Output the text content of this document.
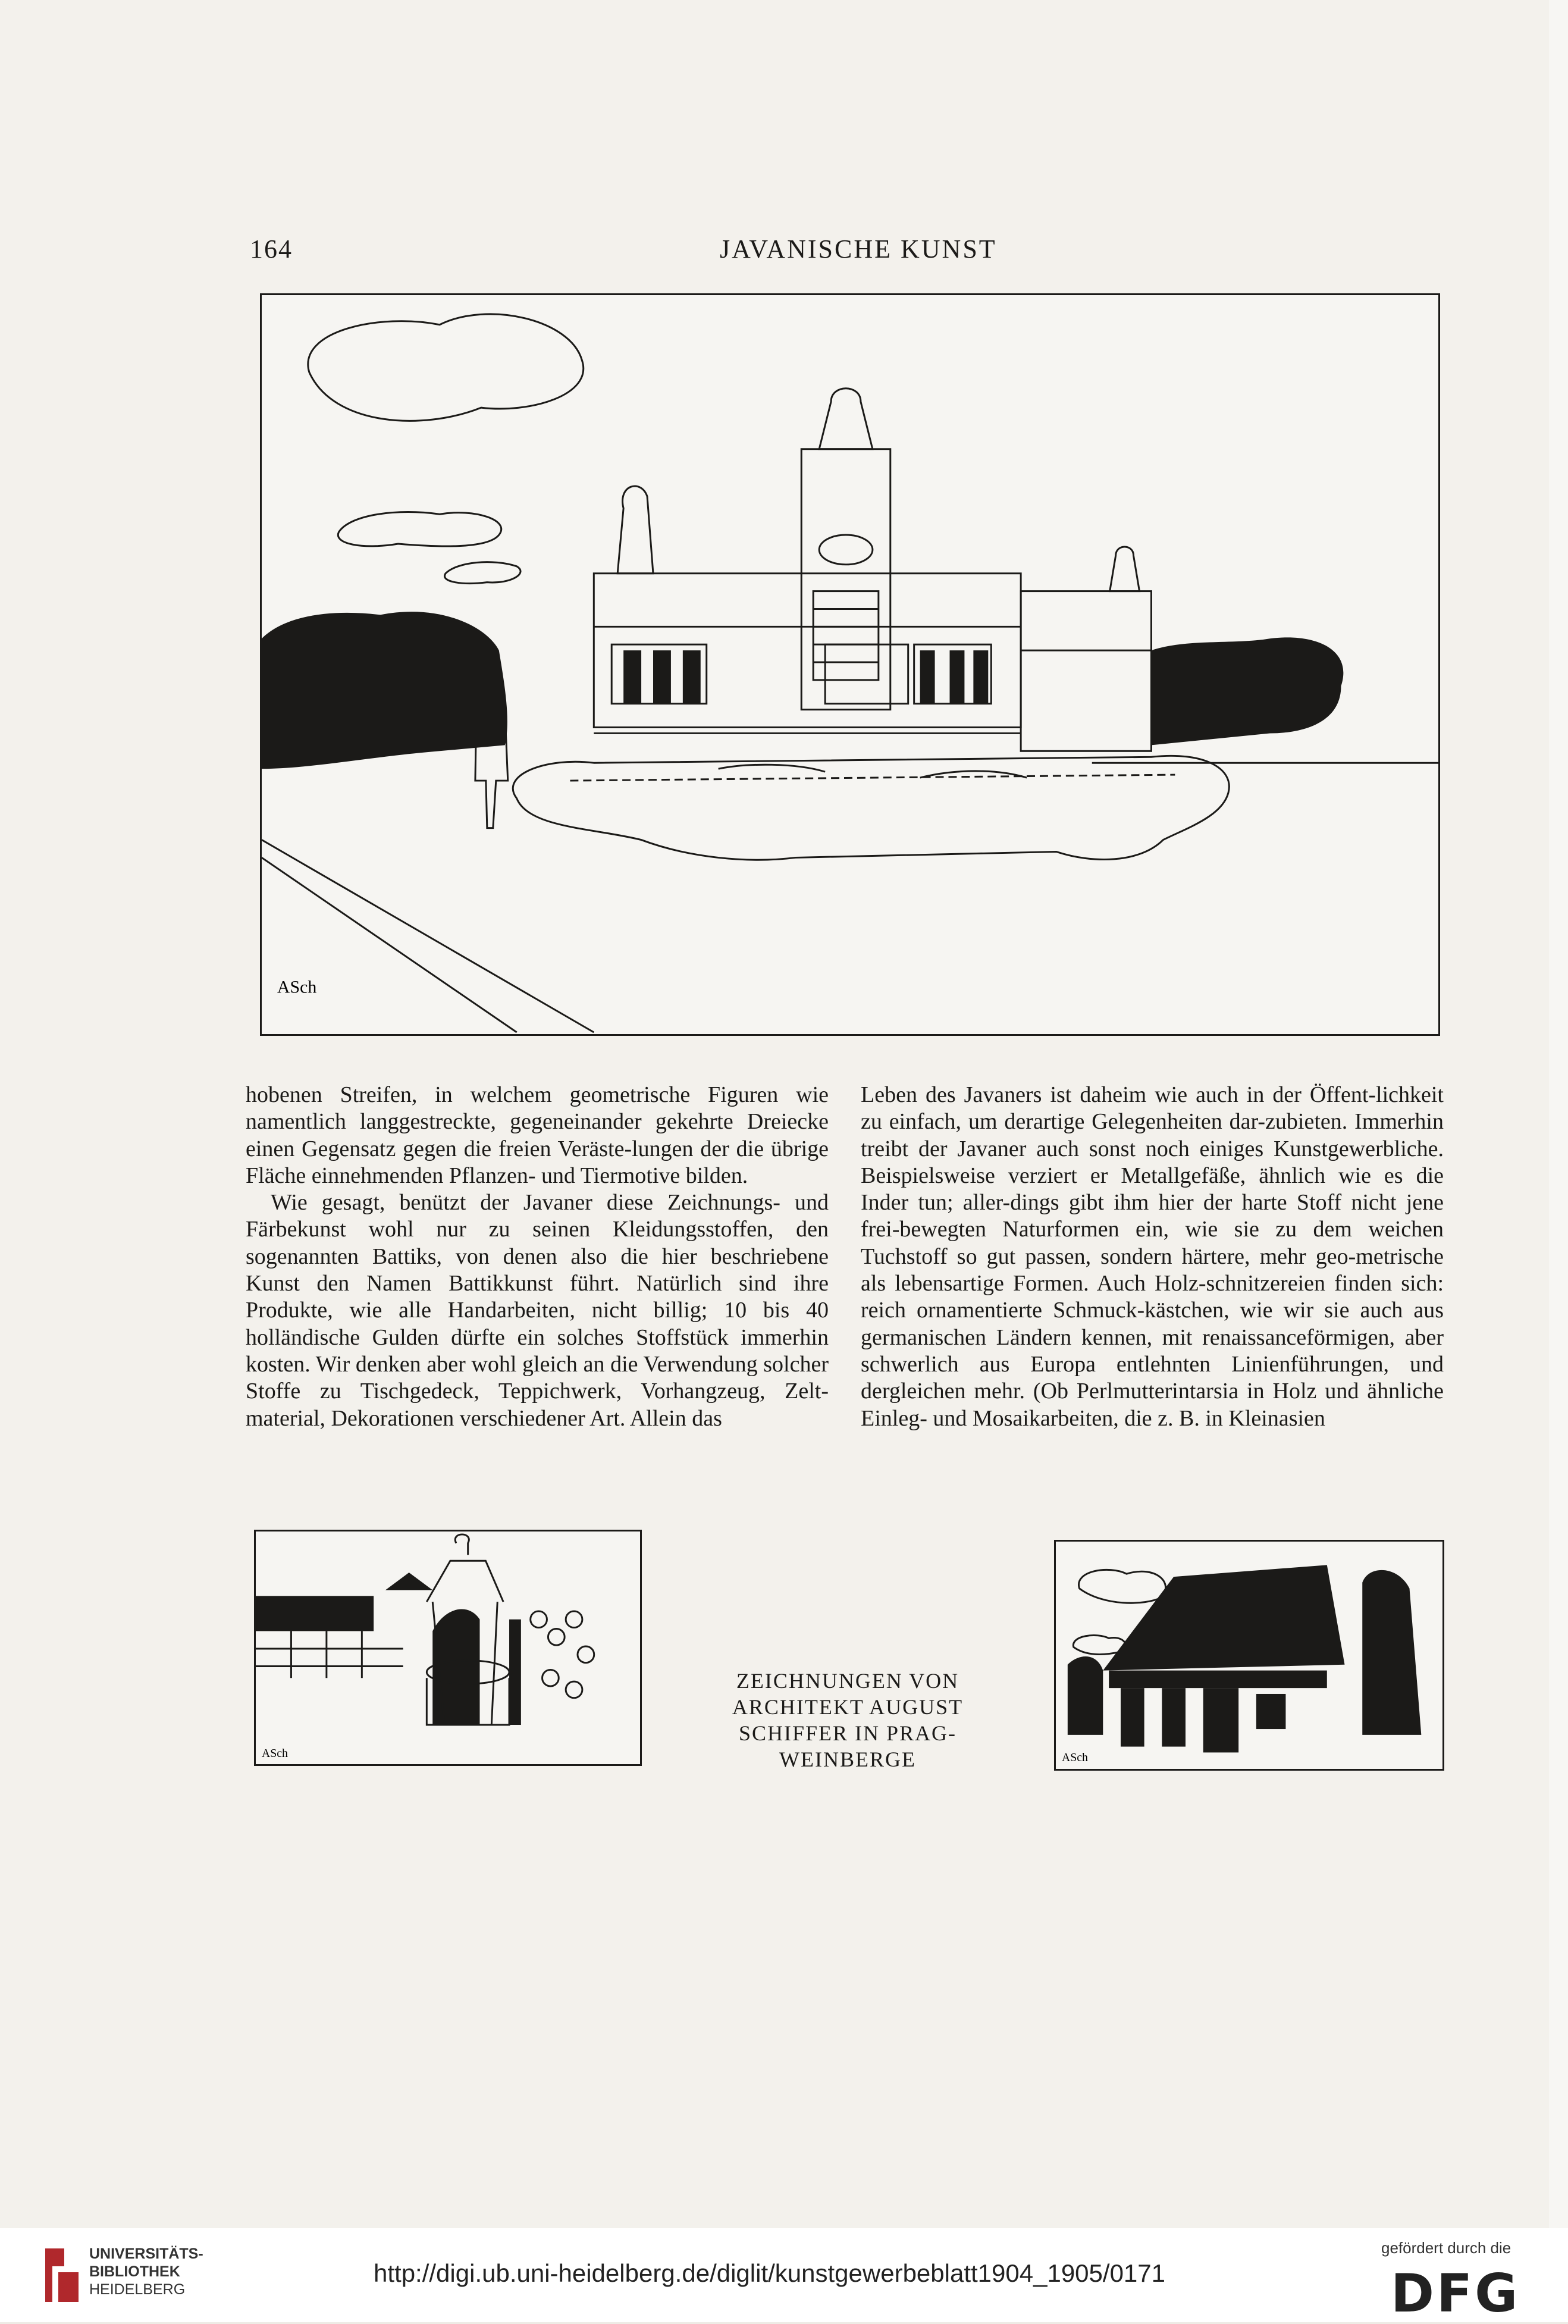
164	JAVANISCHE KUNST
ASch

hobenen Streifen, in welchem geometrische Figuren wie namentlich langgestreckte, gegeneinander gekehrte Dreiecke einen Gegensatz gegen die freien Veräste-lungen der die übrige Fläche einnehmenden Pflanzen- und Tiermotive bilden.

Wie gesagt, benützt der Javaner diese Zeichnungs- und Färbekunst wohl nur zu seinen Kleidungsstoffen, den sogenannten Battiks, von denen also die hier beschriebene Kunst den Namen Battikkunst führt. Natürlich sind ihre Produkte, wie alle Handarbeiten, nicht billig; 10 bis 40 holländische Gulden dürfte ein solches Stoffstück immerhin kosten. Wir denken aber wohl gleich an die Verwendung solcher Stoffe zu Tischgedeck, Teppichwerk, Vorhangzeug, Zelt-material, Dekorationen verschiedener Art. Allein das

Leben des Javaners ist daheim wie auch in der Öffent-lichkeit zu einfach, um derartige Gelegenheiten dar-zubieten. Immerhin treibt der Javaner auch sonst noch einiges Kunstgewerbliche. Beispielsweise verziert er Metallgefäße, ähnlich wie es die Inder tun; aller-dings gibt ihm hier der harte Stoff nicht jene frei-bewegten Naturformen ein, wie sie zu dem weichen Tuchstoff so gut passen, sondern härtere, mehr geo-metrische als lebensartige Formen. Auch Holz-schnitzereien finden sich: reich ornamentierte Schmuck-kästchen, wie wir sie auch aus germanischen Ländern kennen, mit renaissanceförmigen, aber schwerlich aus Europa entlehnten Linienführungen, und dergleichen mehr. (Ob Perlmutterintarsia in Holz und ähnliche Einleg- und Mosaikarbeiten, die z. B. in Kleinasien

ASch
ZEICHNUNGEN VON
ARCHITEKT AUGUST
SCHIFFER IN PRAG-
WEINBERGE	ASch
UNIVERSITÄTS-
BIBLIOTHEK
HEIDELBERG
http://digi.ub.uni-heidelberg.de/diglit/kunstgewerbeblatt1904_1905/0171
gefördert durch die
DFG
